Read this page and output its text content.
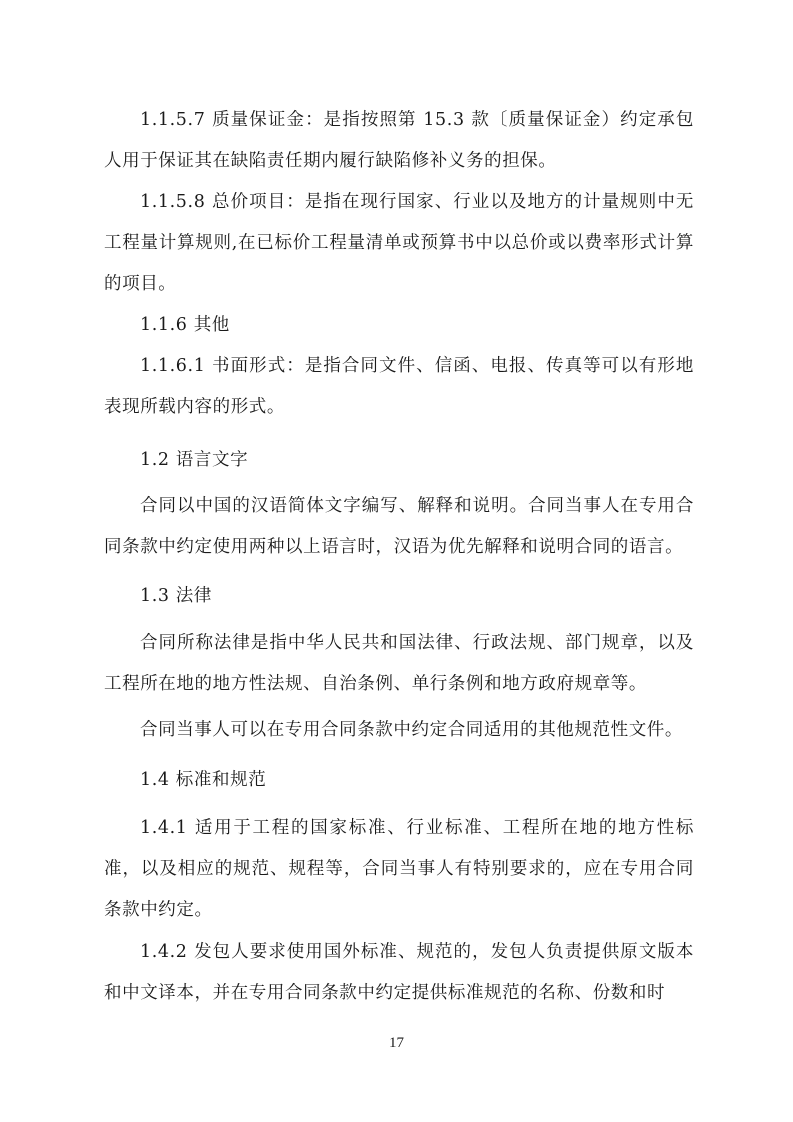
1.1.5.7 质量保证金：是指按照第 15.3 款〔质量保证金）约定承包人用于保证其在缺陷责任期内履行缺陷修补义务的担保。

1.1.5.8 总价项目：是指在现行国家、行业以及地方的计量规则中无工程量计算规则,在已标价工程量清单或预算书中以总价或以费率形式计算的项目。

1.1.6 其他

1.1.6.1 书面形式：是指合同文件、信函、电报、传真等可以有形地表现所载内容的形式。

1.2 语言文字

合同以中国的汉语简体文字编写、解释和说明。合同当事人在专用合同条款中约定使用两种以上语言时，汉语为优先解释和说明合同的语言。

1.3 法律

合同所称法律是指中华人民共和国法律、行政法规、部门规章，以及工程所在地的地方性法规、自治条例、单行条例和地方政府规章等。

合同当事人可以在专用合同条款中约定合同适用的其他规范性文件。

1.4 标准和规范

1.4.1 适用于工程的国家标准、行业标准、工程所在地的地方性标准，以及相应的规范、规程等，合同当事人有特别要求的，应在专用合同条款中约定。

1.4.2 发包人要求使用国外标准、规范的，发包人负责提供原文版本和中文译本，并在专用合同条款中约定提供标准规范的名称、份数和时

17
